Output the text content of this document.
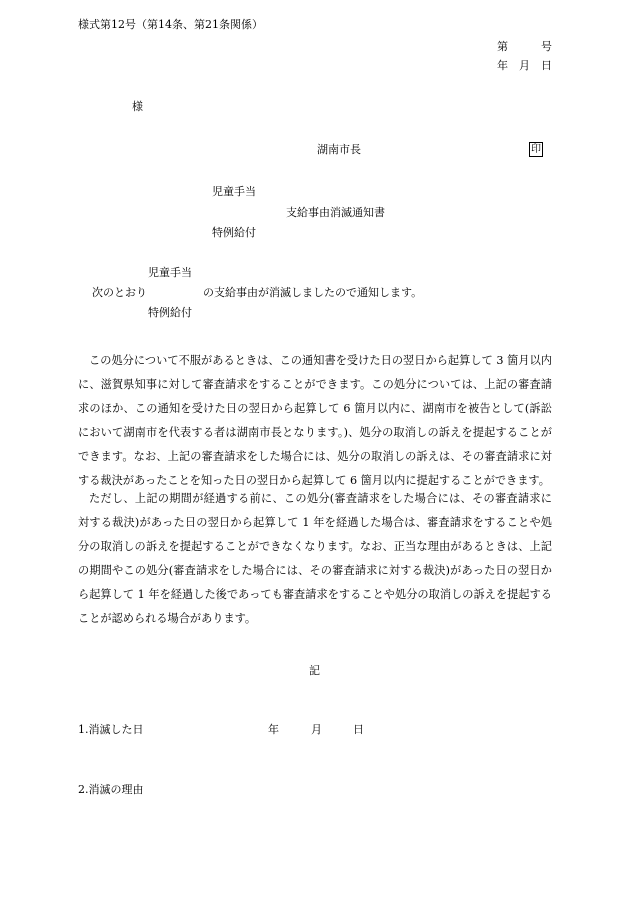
様式第12号（第14条、第21条関係）
第　　　号
年　月　日
様
湖南市長	印
児童手当
支給事由消滅通知書
特例給付
児童手当
次のとおり	の支給事由が消滅しましたので通知します。
特例給付

この処分について不服があるときは、この通知書を受けた日の翌日から起算して 3 箇月以内に、滋賀県知事に対して審査請求をすることができます。この処分については、上記の審査請求のほか、この通知を受けた日の翌日から起算して 6 箇月以内に、湖南市を被告として(訴訟において湖南市を代表する者は湖南市長となります。)、処分の取消しの訴えを提起することができます。なお、上記の審査請求をした場合には、処分の取消しの訴えは、その審査請求に対する裁決があったことを知った日の翌日から起算して 6 箇月以内に提起することができます。

ただし、上記の期間が経過する前に、この処分(審査請求をした場合には、その審査請求に対する裁決)があった日の翌日から起算して 1 年を経過した場合は、審査請求をすることや処分の取消しの訴えを提起することができなくなります。なお、正当な理由があるときは、上記の期間やこの処分(審査請求をした場合には、その審査請求に対する裁決)があった日の翌日から起算して 1 年を経過した後であっても審査請求をすることや処分の取消しの訴えを提起することが認められる場合があります。

記
1.消滅した日	年	月	日
2.消滅の理由
